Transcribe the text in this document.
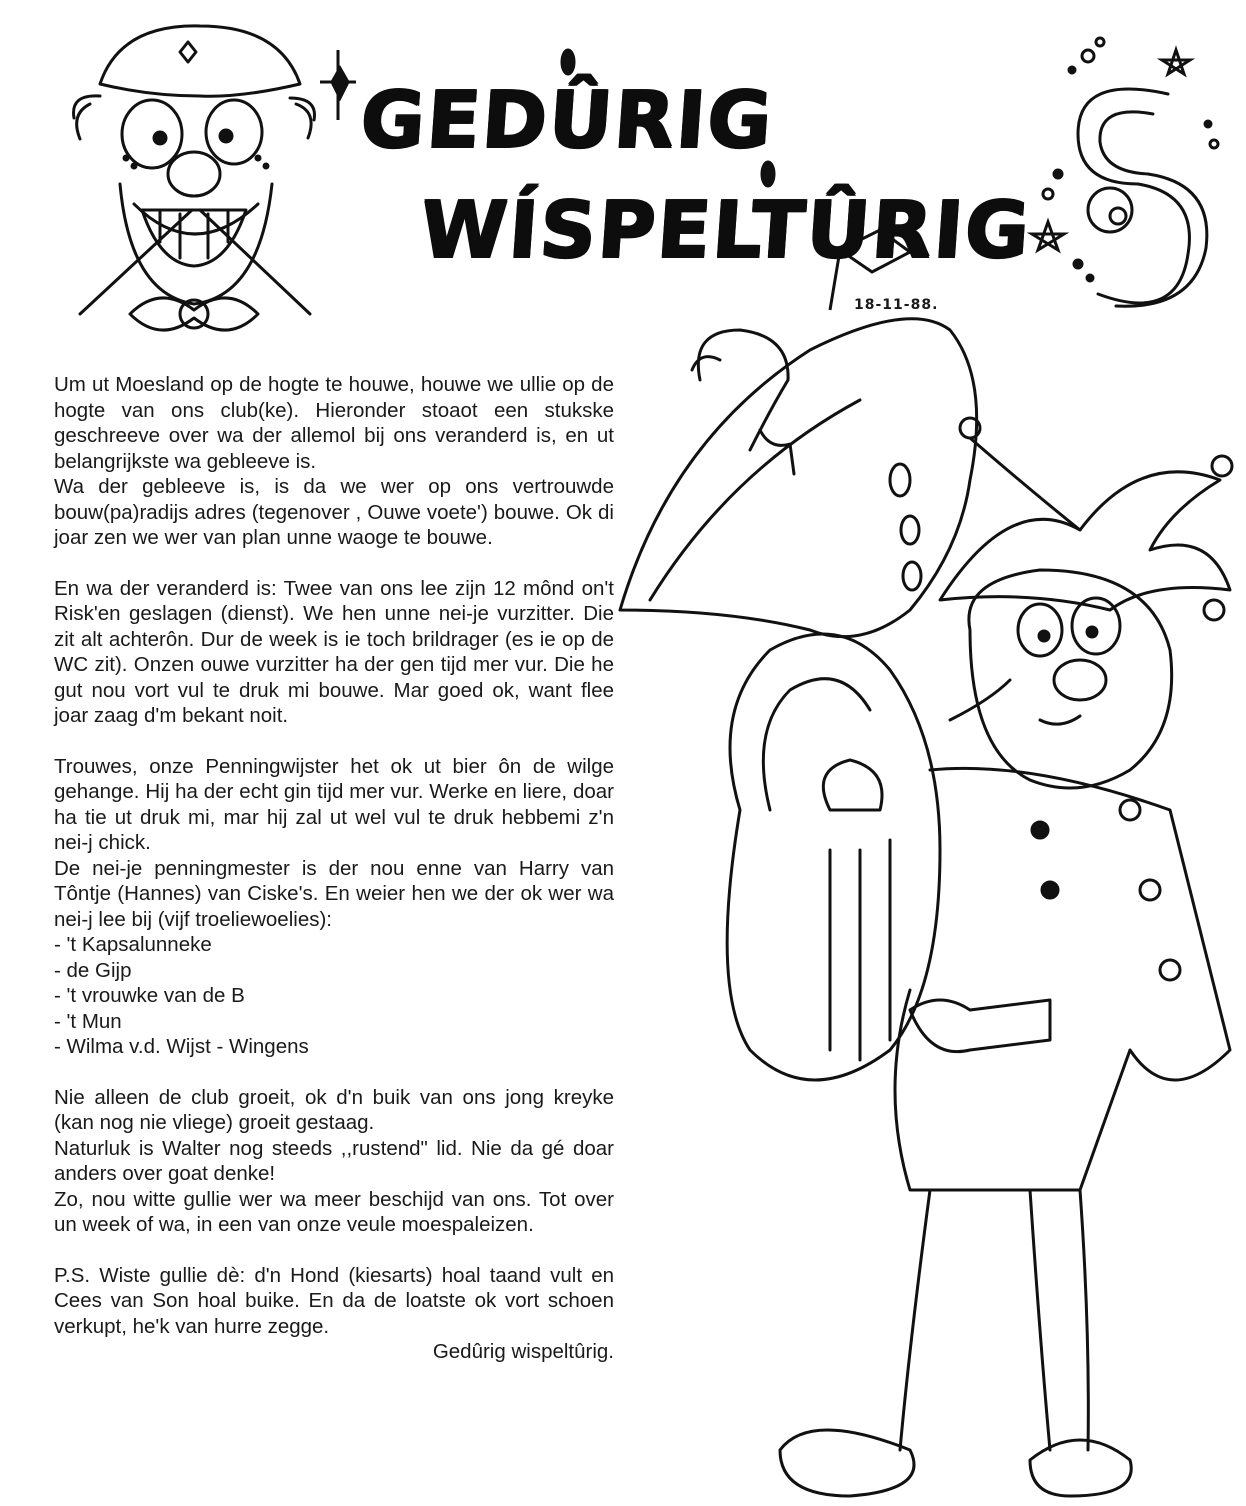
GEDÛRIG
WÍSPELTÛRIG
18-11-88.

Um ut Moesland op de hogte te houwe, houwe we ullie op de hogte van ons club(ke). Hieronder stoaot een stukske geschreeve over wa der allemol bij ons veranderd is, en ut belangrijkste wa gebleeve is.

Wa der gebleeve is, is da we wer op ons vertrouwde bouw(pa)radijs adres (tegenover , Ouwe voete') bouwe. Ok di joar zen we wer van plan unne waoge te bouwe.

En wa der veranderd is: Twee van ons lee zijn 12 mônd on't Risk'en geslagen (dienst). We hen unne nei-je vurzitter. Die zit alt achterôn. Dur de week is ie toch brildrager (es ie op de WC zit). Onzen ouwe vurzitter ha der gen tijd mer vur. Die he gut nou vort vul te druk mi bouwe. Mar goed ok, want flee joar zaag d'm bekant noit.

Trouwes, onze Penningwijster het ok ut bier ôn de wilge gehange. Hij ha der echt gin tijd mer vur. Werke en liere, doar ha tie ut druk mi, mar hij zal ut wel vul te druk hebbemi z'n nei-j chick.

De nei-je penningmester is der nou enne van Harry van Tôntje (Hannes) van Ciske's. En weier hen we der ok wer wa nei-j lee bij (vijf troeliewoelies):

- 't Kapsalunneke
- de Gijp
- 't vrouwke van de B
- 't Mun
- Wilma v.d. Wijst - Wingens

Nie alleen de club groeit, ok d'n buik van ons jong kreyke (kan nog nie vliege) groeit gestaag.

Naturluk is Walter nog steeds ,,rustend" lid. Nie da gé doar anders over goat denke!

Zo, nou witte gullie wer wa meer beschijd van ons. Tot over un week of wa, in een van onze veule moespaleizen.

P.S. Wiste gullie dè: d'n Hond (kiesarts) hoal taand vult en Cees van Son hoal buike. En da de loatste ok vort schoen verkupt, he'k van hurre zegge.

Gedûrig wispeltûrig.
